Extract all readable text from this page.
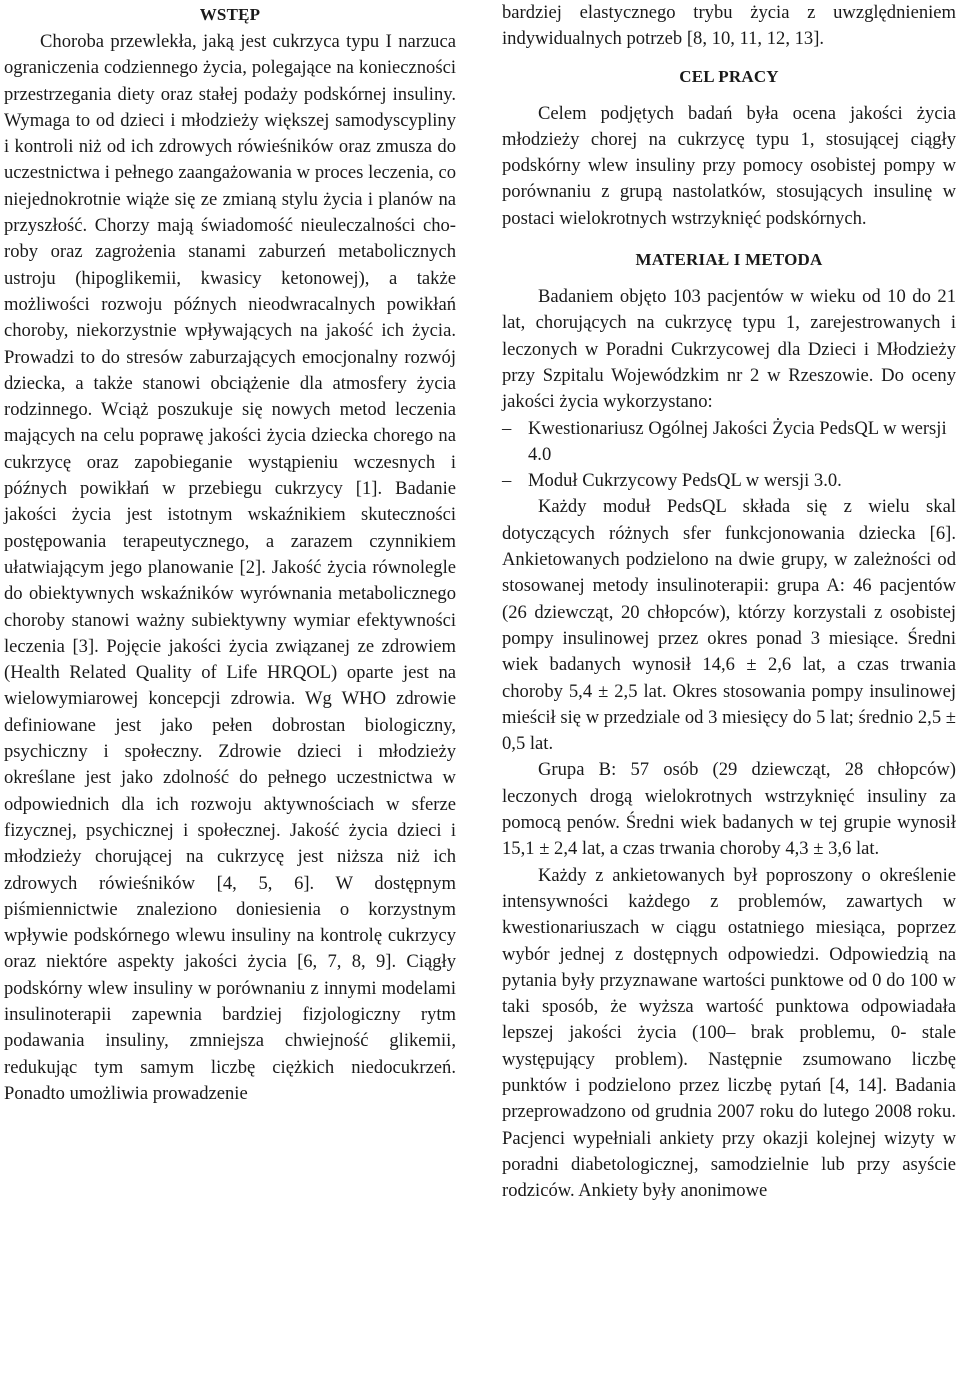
WSTĘP

Choroba przewlekła, jaką jest cukrzyca typu I narzuca ograniczenia codziennego życia, polegające na konieczności przestrzegania diety oraz stałej podaży podskórnej insuliny. Wymaga to od dzieci i młodzieży większej samodyscypliny i kontroli niż od ich zdrowych rówieśników oraz zmusza do uczestnictwa i pełnego zaangażowania w proces leczenia, co niejednokrotnie wiąże się ze zmianą stylu życia i planów na przyszłość. Chorzy mają świadomość nieuleczalności choroby oraz zagrożenia stanami zaburzeń metabolicznych ustroju (hipoglikemii, kwasicy ketonowej), a także możliwości rozwoju późnych nieodwracalnych powikłań choroby, niekorzystnie wpływających na jakość ich życia. Prowadzi to do stresów zaburzających emocjonalny rozwój dziecka, a także stanowi obciążenie dla atmosfery życia rodzinnego. Wciąż poszukuje się nowych metod leczenia mających na celu poprawę jakości życia dziecka chorego na cukrzycę oraz zapobieganie wystąpieniu wczesnych i późnych powikłań w przebiegu cukrzycy [1]. Badanie jakości życia jest istotnym wskaźnikiem skuteczności postępowania terapeutycznego, a zarazem czynnikiem ułatwiającym jego planowanie [2]. Jakość życia równolegle do obiektywnych wskaźników wyrównania metabolicznego choroby stanowi ważny subiektywny wymiar efektywności leczenia [3]. Pojęcie jakości życia związanej ze zdrowiem (Health Related Quality of Life HRQOL) oparte jest na wielowymiarowej koncepcji zdrowia. Wg WHO zdrowie definiowane jest jako pełen dobrostan biologiczny, psychiczny i społeczny. Zdrowie dzieci i młodzieży określane jest jako zdolność do pełnego uczestnictwa w odpowiednich dla ich rozwoju aktywnościach w sferze fizycznej, psychicznej i społecznej. Jakość życia dzieci i młodzieży chorującej na cukrzycę jest niższa niż ich zdrowych rówieśników [4, 5, 6]. W dostępnym piśmiennictwie znaleziono doniesienia o korzystnym wpływie podskórnego wlewu insuliny na kontrolę cukrzycy oraz niektóre aspekty jakości życia [6, 7, 8, 9]. Ciągły podskórny wlew insuliny w porównaniu z innymi modelami insulinoterapii zapewnia bardziej fizjologiczny rytm podawania insuliny, zmniejsza chwiejność glikemii, redukując tym samym liczbę ciężkich niedocukrzeń. Ponadto umożliwia prowadzenie

bardziej elastycznego trybu życia z uwzględnieniem indywidualnych potrzeb [8, 10, 11, 12, 13].

CEL PRACY

Celem podjętych badań była ocena jakości życia młodzieży chorej na cukrzycę typu 1, stosującej ciągły podskórny wlew insuliny przy pomocy osobistej pompy w porównaniu z grupą nastolatków, stosujących insulinę w postaci wielokrotnych wstrzyknięć podskórnych.

MATERIAŁ I METODA

Badaniem objęto 103 pacjentów w wieku od 10 do 21 lat, chorujących na cukrzycę typu 1, zarejestrowanych i leczonych w Poradni Cukrzycowej dla Dzieci i Młodzieży przy Szpitalu Wojewódzkim nr 2 w Rzeszowie. Do oceny jakości życia wykorzystano:

– Kwestionariusz Ogólnej Jakości Życia PedsQL w wersji 4.0
– Moduł Cukrzycowy PedsQL w wersji 3.0.

Każdy moduł PedsQL składa się z wielu skal dotyczących różnych sfer funkcjonowania dziecka [6]. Ankietowanych podzielono na dwie grupy, w zależności od stosowanej metody insulinoterapii: grupa A: 46 pacjentów (26 dziewcząt, 20 chłopców), którzy korzystali z osobistej pompy insulinowej przez okres ponad 3 miesiące. Średni wiek badanych wynosił 14,6 ± 2,6 lat, a czas trwania choroby 5,4 ± 2,5 lat. Okres stosowania pompy insulinowej mieścił się w przedziale od 3 miesięcy do 5 lat; średnio 2,5 ± 0,5 lat.

Grupa B: 57 osób (29 dziewcząt, 28 chłopców) leczonych drogą wielokrotnych wstrzyknięć insuliny za pomocą penów. Średni wiek badanych w tej grupie wynosił 15,1 ± 2,4 lat, a czas trwania choroby 4,3 ± 3,6 lat.

Każdy z ankietowanych był poproszony o określenie intensywności każdego z problemów, zawartych w kwestionariuszach w ciągu ostatniego miesiąca, poprzez wybór jednej z dostępnych odpowiedzi. Odpowiedzią na pytania były przyznawane wartości punktowe od 0 do 100 w taki sposób, że wyższa wartość punktowa odpowiadała lepszej jakości życia (100– brak problemu, 0- stale występujący problem). Następnie zsumowano liczbę punktów i podzielono przez liczbę pytań [4, 14]. Badania przeprowadzono od grudnia 2007 roku do lutego 2008 roku. Pacjenci wypełniali ankiety przy okazji kolejnej wizyty w poradni diabetologicznej, samodzielnie lub przy asyście rodziców. Ankiety były anonimowe
